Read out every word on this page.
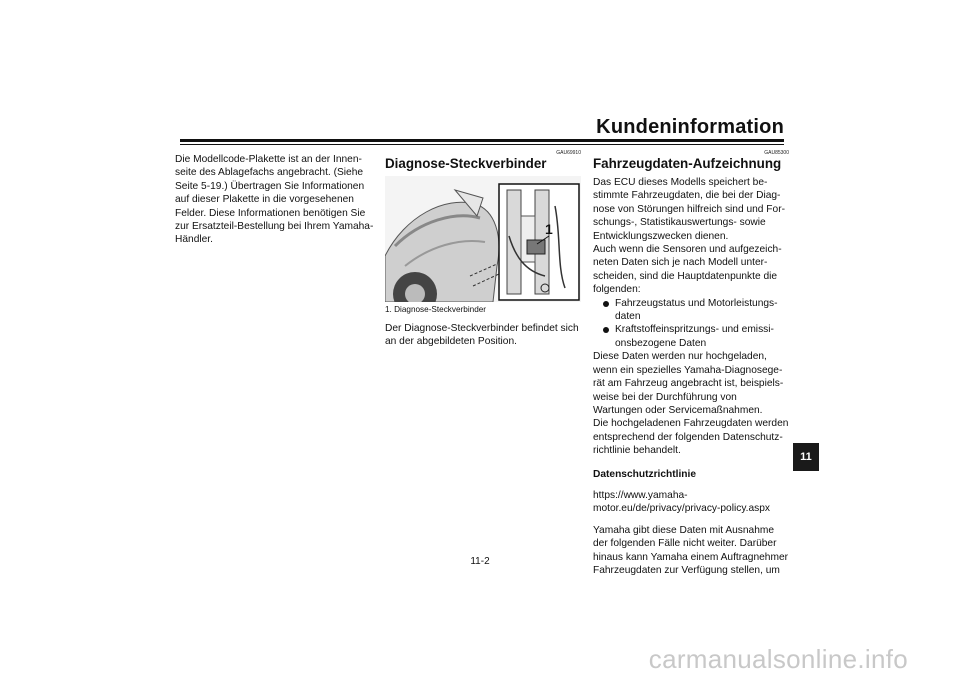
Kundeninformation

Die Modellcode-Plakette ist an der Innen-seite des Ablagefachs angebracht. (Siehe Seite 5-19.) Übertragen Sie Informationen auf dieser Plakette in die vorgesehenen Felder. Diese Informationen benötigen Sie zur Ersatzteil-Bestellung bei Ihrem Yamaha-Händler.

GAU69910
Diagnose-Steckverbinder
1
1. Diagnose-Steckverbinder

Der Diagnose-Steckverbinder befindet sich an der abgebildeten Position.

GAU85300
Fahrzeugdaten-Aufzeichnung

Das ECU dieses Modells speichert be-stimmte Fahrzeugdaten, die bei der Diag-nose von Störungen hilfreich sind und For-schungs-, Statistikauswertungs- sowie Entwicklungszwecken dienen.

Auch wenn die Sensoren und aufgezeich-neten Daten sich je nach Modell unter-scheiden, sind die Hauptdatenpunkte die folgenden:

Fahrzeugstatus und Motorleistungs-daten
Kraftstoffeinspritzungs- und emissi-onsbezogene Daten

Diese Daten werden nur hochgeladen, wenn ein spezielles Yamaha-Diagnosege-rät am Fahrzeug angebracht ist, beispiels-weise bei der Durchführung von Wartungen oder Servicemaßnahmen.

Die hochgeladenen Fahrzeugdaten werden entsprechend der folgenden Datenschutz-richtlinie behandelt.

Datenschutzrichtlinie

https://www.yamaha-motor.eu/de/privacy/privacy-policy.aspx

Yamaha gibt diese Daten mit Ausnahme der folgenden Fälle nicht weiter. Darüber hinaus kann Yamaha einem Auftragnehmer Fahrzeugdaten zur Verfügung stellen, um

11
11-2
carmanualsonline.info
